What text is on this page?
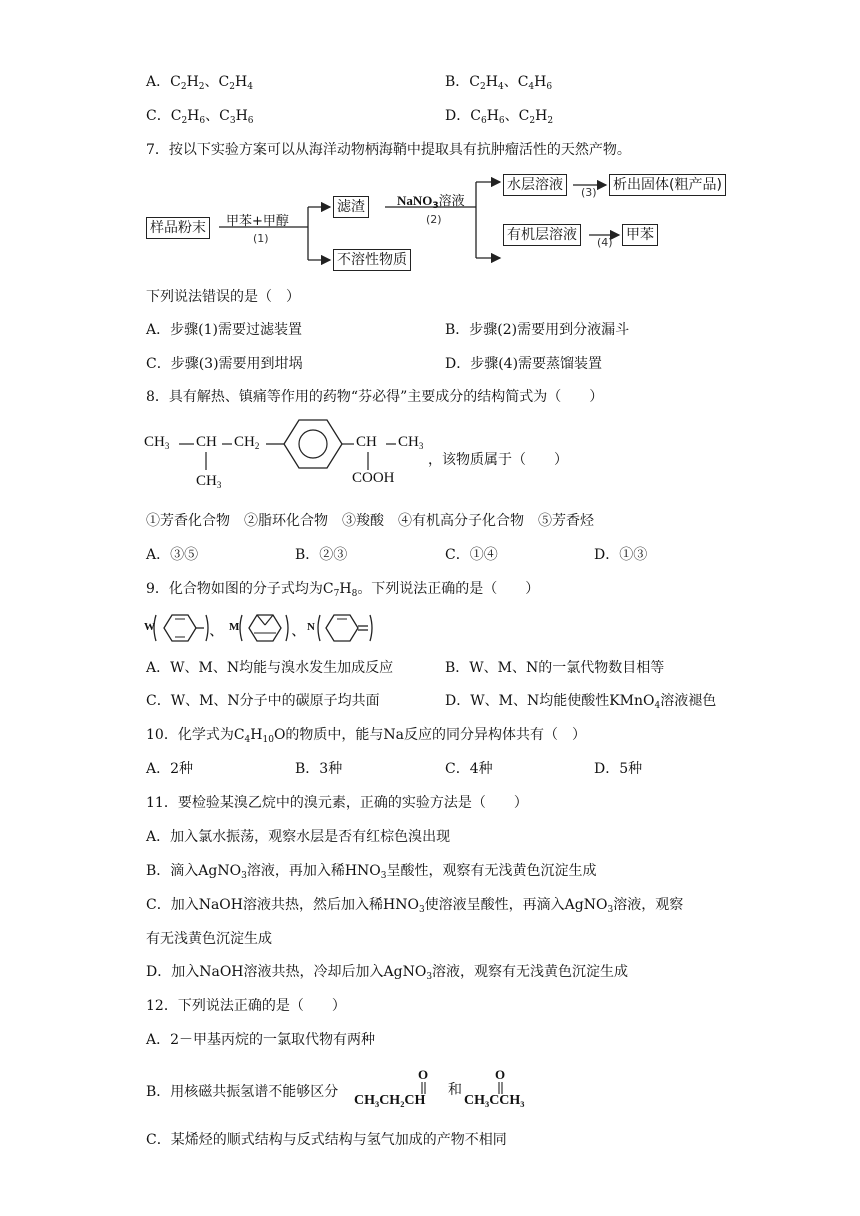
A．$C_2H_2$、$C_2H_4$	B．$C_2H_4$、$C_4H_6$
C．$C_2H_6$、$C_3H_6$	D．$C_6H_6$、$C_2H_2$
7．按以下实验方案可以从海洋动物柄海鞘中提取具有抗肿瘤活性的天然产物。
样品粉末	甲苯+甲醇
(1)
滤渣
不溶性物质
NaNO$_3$溶液
(2)
水层溶液	(3) 析出固体(粗产品)
有机层溶液	(4) 甲苯
下列说法错误的是（　）
A．步骤(1)需要过滤装置	B．步骤(2)需要用到分液漏斗
C．步骤(3)需要用到坩埚	D．步骤(4)需要蒸馏装置
8．具有解热、镇痛等作用的药物“芬必得”主要成分的结构简式为（　　）
$CH_3$ CH $CH_2$	CH $CH_3$
$CH_3$	COOH
，该物质属于（　　）
①芳香化合物　②脂环化合物　③羧酸　④有机高分子化合物　⑤芳香烃
A．③⑤	B．②③	C．①④	D．①③
9．化合物如图的分子式均为$C_7H_8$。下列说法正确的是（　　）
W	、 M	、 N
A．W、M、N均能与溴水发生加成反应	B．W、M、N的一氯代物数目相等
C．W、M、N分子中的碳原子均共面	D．W、M、N均能使酸性KMnO$_4$溶液褪色
10．化学式为$C_4H_{10}O$的物质中，能与Na反应的同分异构体共有（　）
A．2种	B．3种	C．4种	D．5种
11．要检验某溴乙烷中的溴元素，正确的实验方法是（　　）
A．加入氯水振荡，观察水层是否有红棕色溴出现
B．滴入AgNO$_3$溶液，再加入稀$HNO_3$呈酸性，观察有无浅黄色沉淀生成
C．加入NaOH溶液共热，然后加入稀$HNO_3$使溶液呈酸性，再滴入AgNO$_3$溶液，观察
有无浅黄色沉淀生成
D．加入NaOH溶液共热，冷却后加入AgNO$_3$溶液，观察有无浅黄色沉淀生成
12．下列说法正确的是（　　）
A．2－甲基丙烷的一氯取代物有两种
B．用核磁共振氢谱不能够区分
O
CH₃CH₂CH
和
O
CH₃CCH₃
C．某烯烃的顺式结构与反式结构与氢气加成的产物不相同
